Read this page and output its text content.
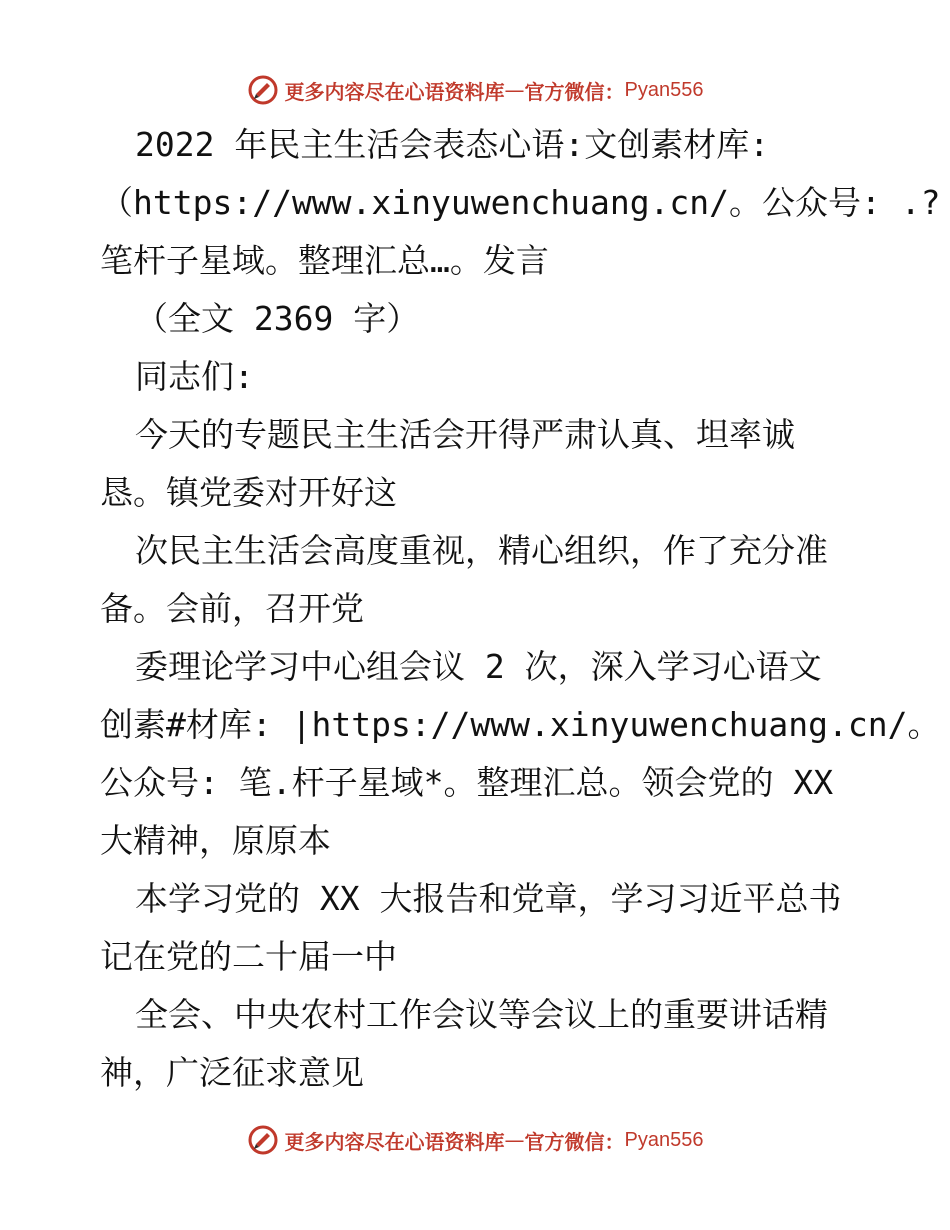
更多内容尽在心语资料库 — 官方微信： Pyan556
2022 年民主生活会表态心语:文创素材库:
（https://www.xinyuwenchuang.cn/。公众号: .?
笔杆子星域。整理汇总…。发言
（全文 2369 字）
同志们:
今天的专题民主生活会开得严肃认真、坦率诚
恳。镇党委对开好这
次民主生活会高度重视，精心组织，作了充分准
备。会前，召开党
委理论学习中心组会议 2 次，深入学习心语文
创素#材库: |https://www.xinyuwenchuang.cn/。
公众号: 笔.杆子星域*。整理汇总。领会党的 XX
大精神，原原本
本学习党的 XX 大报告和党章，学习习近平总书
记在党的二十届一中
全会、中央农村工作会议等会议上的重要讲话精
神，广泛征求意见
更多内容尽在心语资料库 — 官方微信： Pyan556
